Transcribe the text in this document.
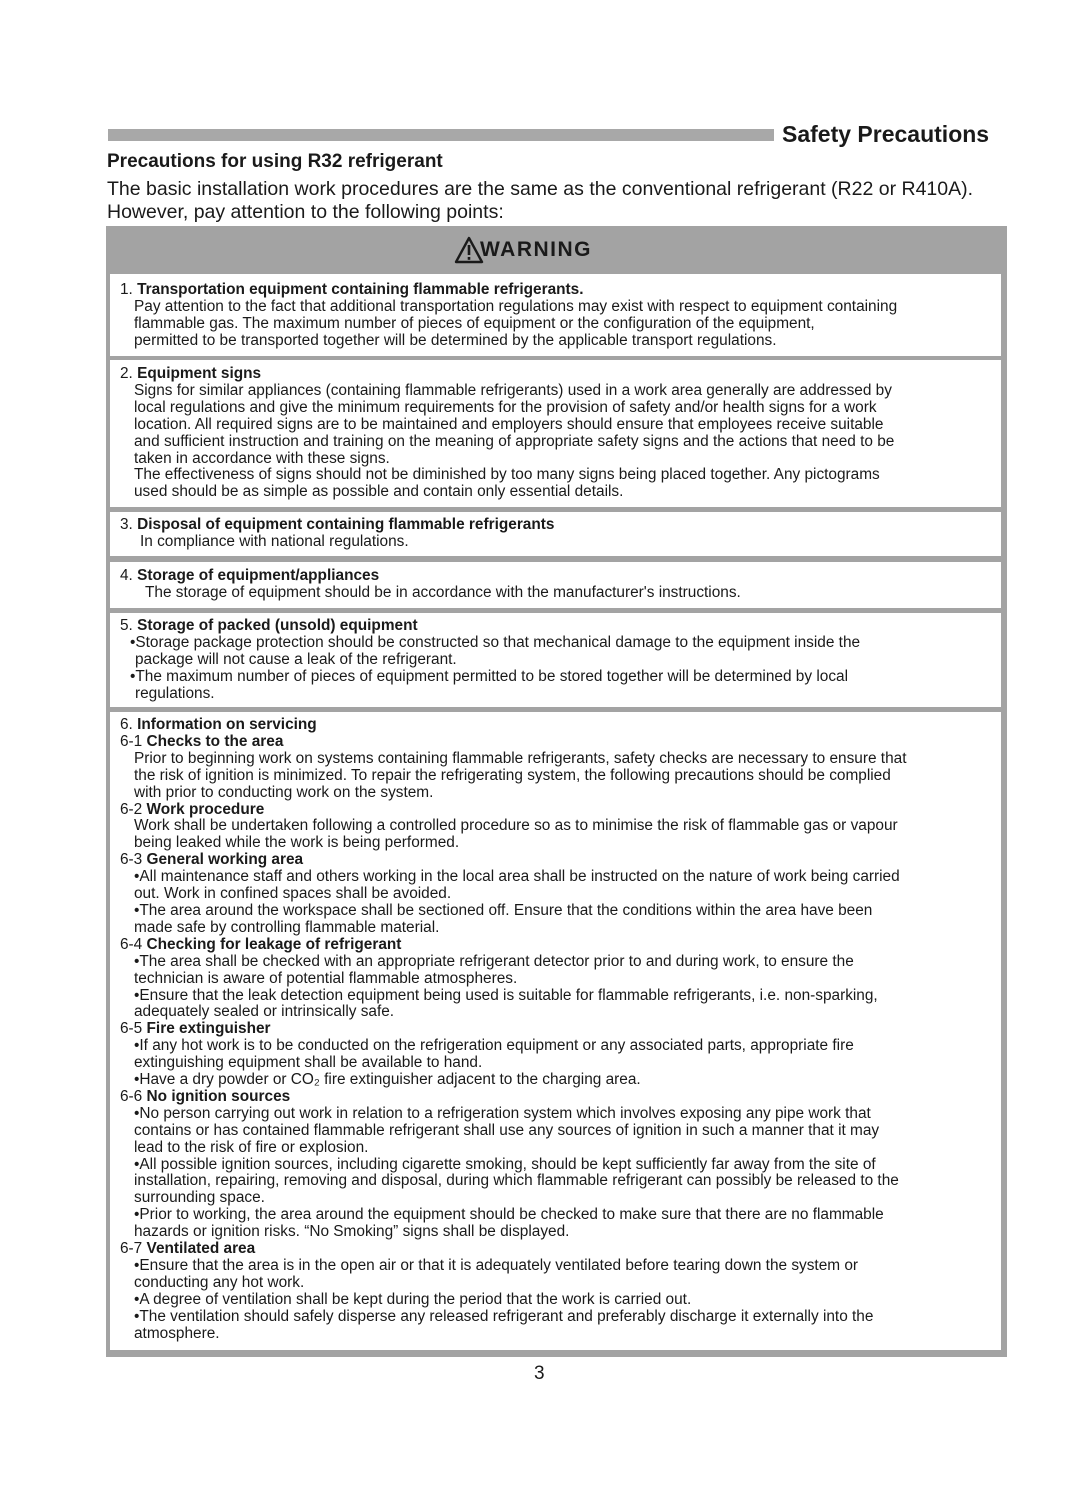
Safety Precautions
Precautions for using R32 refrigerant
The basic installation work procedures are the same as the conventional refrigerant (R22 or R410A).
However, pay attention to the following points:
WARNING
1. Transportation equipment containing flammable refrigerants.
Pay attention to the fact that additional transportation regulations may exist with respect to equipment containing
flammable gas. The maximum number of pieces of equipment or the configuration of the equipment,
permitted to be transported together will be determined by the applicable transport regulations.
2. Equipment signs
Signs for similar appliances (containing flammable refrigerants) used in a work area generally are addressed by
local regulations and give the minimum requirements for the provision of safety and/or health signs for a work
location. All required signs are to be maintained and employers should ensure that employees receive suitable
and sufficient instruction and training on the meaning of appropriate safety signs and the actions that need to be
taken in accordance with these signs.
The effectiveness of signs should not be diminished by too many signs being placed together. Any pictograms
used should be as simple as possible and contain only essential details.
3. Disposal of equipment containing flammable refrigerants
In compliance with national regulations.
4. Storage of equipment/appliances
The storage of equipment should be in accordance with the manufacturer's instructions.
5. Storage of packed (unsold) equipment
•Storage package protection should be constructed so that mechanical damage to the equipment inside the
package will not cause a leak of the refrigerant.
•The maximum number of pieces of equipment permitted to be stored together will be determined by local
regulations.
6. Information on servicing
6-1 Checks to the area
Prior to beginning work on systems containing flammable refrigerants, safety checks are necessary to ensure that
the risk of ignition is minimized. To repair the refrigerating system, the following precautions should be complied
with prior to conducting work on the system.
6-2 Work procedure
Work shall be undertaken following a controlled procedure so as to minimise the risk of flammable gas or vapour
being leaked while the work is being performed.
6-3 General working area
•All maintenance staff and others working in the local area shall be instructed on the nature of work being carried
out. Work in confined spaces shall be avoided.
•The area around the workspace shall be sectioned off. Ensure that the conditions within the area have been
made safe by controlling flammable material.
6-4 Checking for leakage of refrigerant
•The area shall be checked with an appropriate refrigerant detector prior to and during work, to ensure the
technician is aware of potential flammable atmospheres.
•Ensure that the leak detection equipment being used is suitable for flammable refrigerants, i.e. non-sparking,
adequately sealed or intrinsically safe.
6-5 Fire extinguisher
•If any hot work is to be conducted on the refrigeration equipment or any associated parts, appropriate fire
extinguishing equipment shall be available to hand.
•Have a dry powder or CO₂ fire extinguisher adjacent to the charging area.
6-6 No ignition sources
•No person carrying out work in relation to a refrigeration system which involves exposing any pipe work that
contains or has contained flammable refrigerant shall use any sources of ignition in such a manner that it may
lead to the risk of fire or explosion.
•All possible ignition sources, including cigarette smoking, should be kept sufficiently far away from the site of
installation, repairing, removing and disposal, during which flammable refrigerant can possibly be released to the
surrounding space.
•Prior to working, the area around the equipment should be checked to make sure that there are no flammable
hazards or ignition risks. “No Smoking” signs shall be displayed.
6-7 Ventilated area
•Ensure that the area is in the open air or that it is adequately ventilated before tearing down the system or
conducting any hot work.
•A degree of ventilation shall be kept during the period that the work is carried out.
•The ventilation should safely disperse any released refrigerant and preferably discharge it externally into the
atmosphere.
3
